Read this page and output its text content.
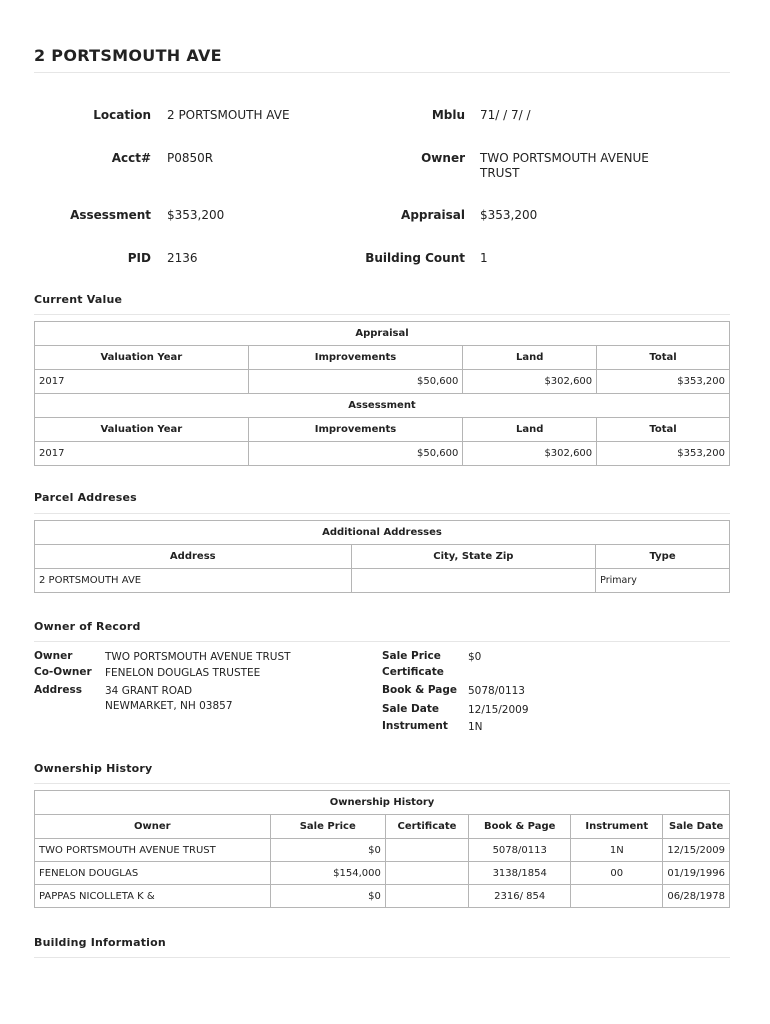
2 PORTSMOUTH AVE
Location 2 PORTSMOUTH AVE	Mblu 71/ / 7/ /
Acct# P0850R	Owner TWO PORTSMOUTH AVENUE
TRUST
Assessment $353,200	Appraisal $353,200
PID 2136	Building Count 1
Current Value
Appraisal			
Valuation Year	Improvements	Land	Total
2017	$50,600	$302,600	$353,200
Assessment			
Valuation Year	Improvements	Land	Total
2017	$50,600	$302,600	$353,200
Parcel Addreses
Additional Addresses		
Address	City, State Zip	Type
2 PORTSMOUTH AVE		Primary
Owner of Record
Owner	TWO PORTSMOUTH AVENUE TRUST
Co-Owner FENELON DOUGLAS TRUSTEE
Address 34 GRANT ROAD
NEWMARKET, NH 03857
Sale Price	$0
Certificate
Book & Page 5078/0113
Sale Date	12/15/2009
Instrument 1N
Ownership History
Ownership History					
Owner	Sale Price	Certificate	Book & Page	Instrument	Sale Date
TWO PORTSMOUTH AVENUE TRUST	$0		5078/0113	1N	12/15/2009
FENELON DOUGLAS	$154,000		3138/1854	00	01/19/1996
PAPPAS NICOLLETA K &	$0		2316/ 854		06/28/1978
Building Information
